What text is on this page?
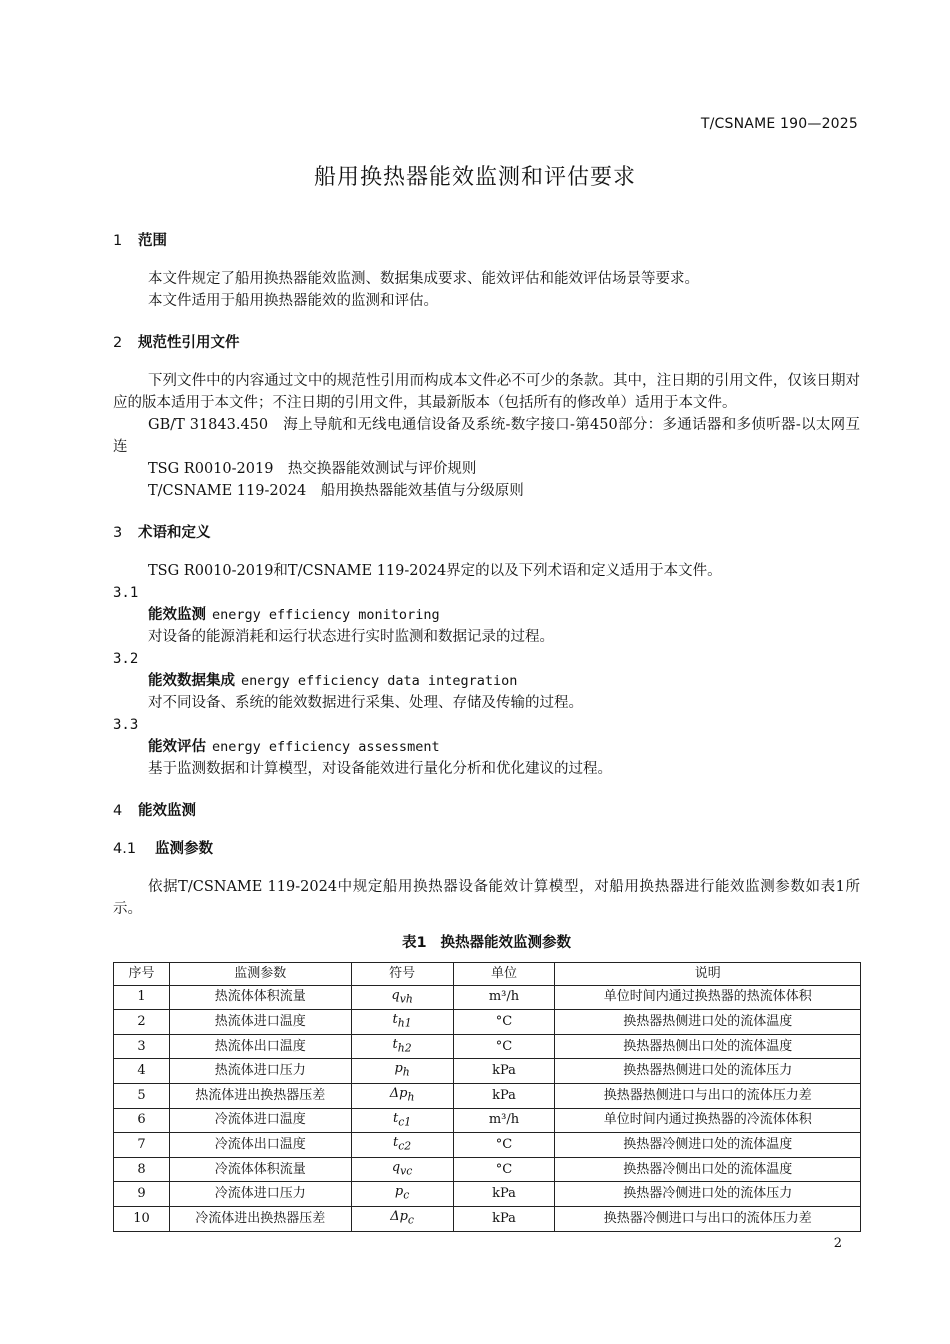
T/CSNAME 190—2025
船用换热器能效监测和评估要求
1 范围

本文件规定了船用换热器能效监测、数据集成要求、能效评估和能效评估场景等要求。

本文件适用于船用换热器能效的监测和评估。

2 规范性引用文件

下列文件中的内容通过文中的规范性引用而构成本文件必不可少的条款。其中，注日期的引用文件，仅该日期对应的版本适用于本文件；不注日期的引用文件，其最新版本（包括所有的修改单）适用于本文件。

GB/T 31843.450　海上导航和无线电通信设备及系统-数字接口-第450部分：多通话器和多侦听器-以太网互连

TSG R0010-2019　热交换器能效测试与评价规则

T/CSNAME 119-2024　船用换热器能效基值与分级原则

3 术语和定义

TSG R0010-2019和T/CSNAME 119-2024界定的以及下列术语和定义适用于本文件。

3.1
能效监测 energy efficiency monitoring

对设备的能源消耗和运行状态进行实时监测和数据记录的过程。

3.2
能效数据集成 energy efficiency data integration

对不同设备、系统的能效数据进行采集、处理、存储及传输的过程。

3.3
能效评估 energy efficiency assessment

基于监测数据和计算模型，对设备能效进行量化分析和优化建议的过程。

4 能效监测
4.1 监测参数

依据T/CSNAME 119-2024中规定船用换热器设备能效计算模型，对船用换热器进行能效监测参数如表1所示。

表1 换热器能效监测参数
序号	监测参数	符号	单位	说明
1	热流体体积流量	$q_{vh}$	m³/h	单位时间内通过换热器的热流体体积
2	热流体进口温度	$t_{h1}$	°C	换热器热侧进口处的流体温度
3	热流体出口温度	$t_{h2}$	°C	换热器热侧出口处的流体温度
4	热流体进口压力	$p_h$	kPa	换热器热侧进口处的流体压力
5	热流体进出换热器压差	$\Delta p_h$	kPa	换热器热侧进口与出口的流体压力差
6	冷流体进口温度	$t_{c1}$	m³/h	单位时间内通过换热器的冷流体体积
7	冷流体出口温度	$t_{c2}$	°C	换热器冷侧进口处的流体温度
8	冷流体体积流量	$q_{vc}$	°C	换热器冷侧出口处的流体温度
9	冷流体进口压力	$p_c$	kPa	换热器冷侧进口处的流体压力
10	冷流体进出换热器压差	$\Delta p_c$	kPa	换热器冷侧进口与出口的流体压力差
2
